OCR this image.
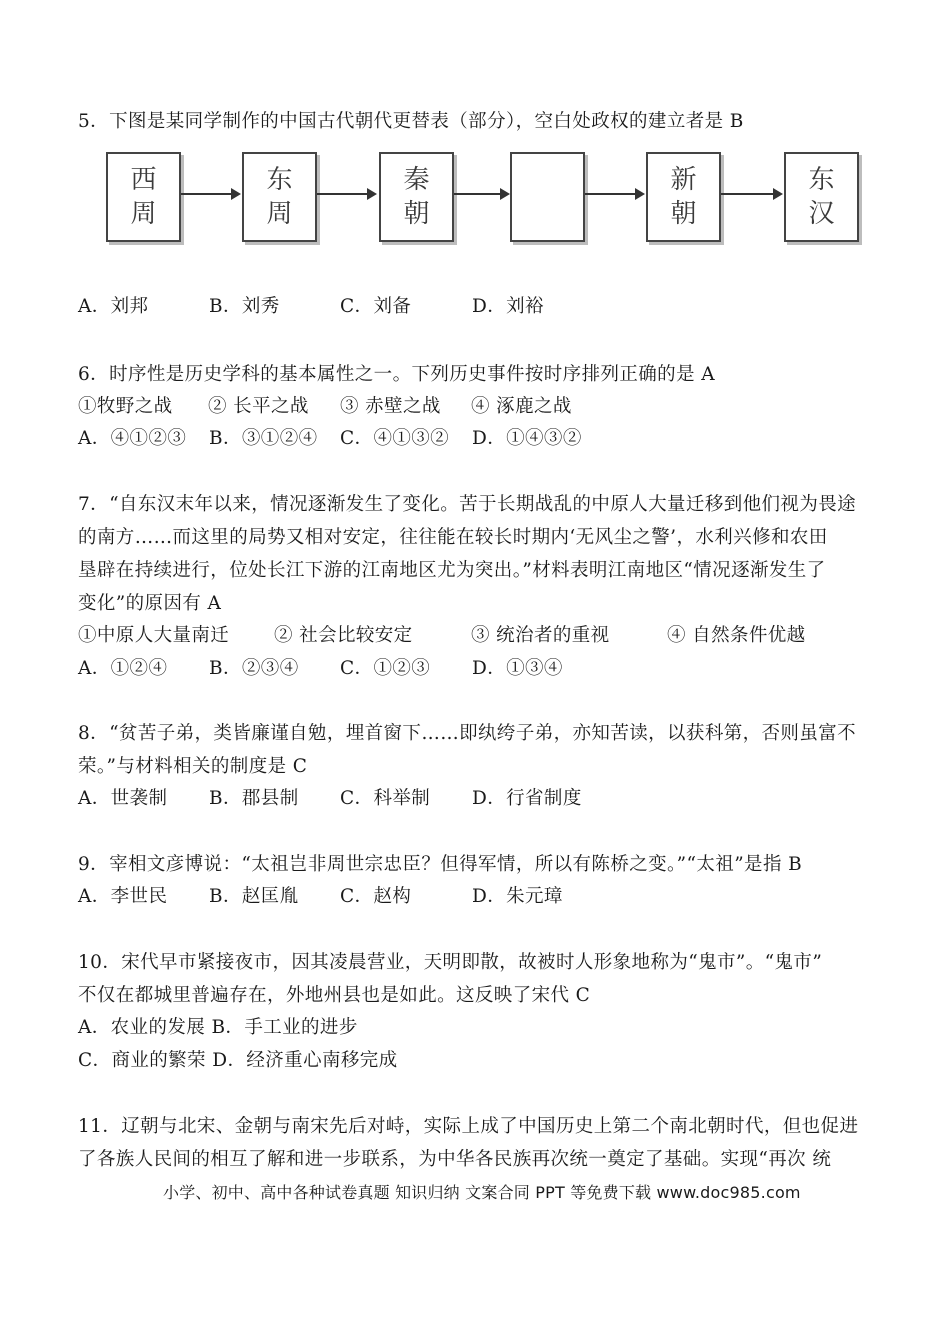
5．下图是某同学制作的中国古代朝代更替表（部分），空白处政权的建立者是 B
西
周
东
周
秦
朝
新
朝
东
汉
A．刘邦	B．刘秀	C．刘备	D．刘裕
6．时序性是历史学科的基本属性之一。下列历史事件按时序排列正确的是 A
①牧野之战 ② 长平之战 ③ 赤壁之战 ④ 涿鹿之战
A．④①②③ B．③①②④ C．④①③② D．①④③②
7．“自东汉末年以来，情况逐渐发生了变化。苦于长期战乱的中原人大量迁移到他们视为畏途
的南方……而这里的局势又相对安定，往往能在较长时期内‘无风尘之警’，水利兴修和农田
垦辟在持续进行，位处长江下游的江南地区尤为突出。”材料表明江南地区“情况逐渐发生了
变化”的原因有 A
①中原人大量南迁 ② 社会比较安定	③ 统治者的重视	④ 自然条件优越
A．①②④ B．②③④ C．①②③ D．①③④
8．“贫苦子弟，类皆廉谨自勉，埋首窗下……即纨绔子弟，亦知苦读，以获科第，否则虽富不
荣。”与材料相关的制度是 C
A．世袭制 B．郡县制 C．科举制 D．行省制度
9．宰相文彦博说：“太祖岂非周世宗忠臣？但得军情，所以有陈桥之变。”“太祖”是指 B
A．李世民 B．赵匡胤 C．赵构	D．朱元璋
10．宋代早市紧接夜市，因其凌晨营业，天明即散，故被时人形象地称为“鬼市”。“鬼市”
不仅在都城里普遍存在，外地州县也是如此。这反映了宋代 C
A．农业的发展 B．手工业的进步
C．商业的繁荣 D．经济重心南移完成
11．辽朝与北宋、金朝与南宋先后对峙，实际上成了中国历史上第二个南北朝时代，但也促进
了各族人民间的相互了解和进一步联系，为中华各民族再次统一奠定了基础。实现“再次 统
小学、初中、高中各种试卷真题 知识归纳 文案合同 PPT 等免费下载 www.doc985.com
